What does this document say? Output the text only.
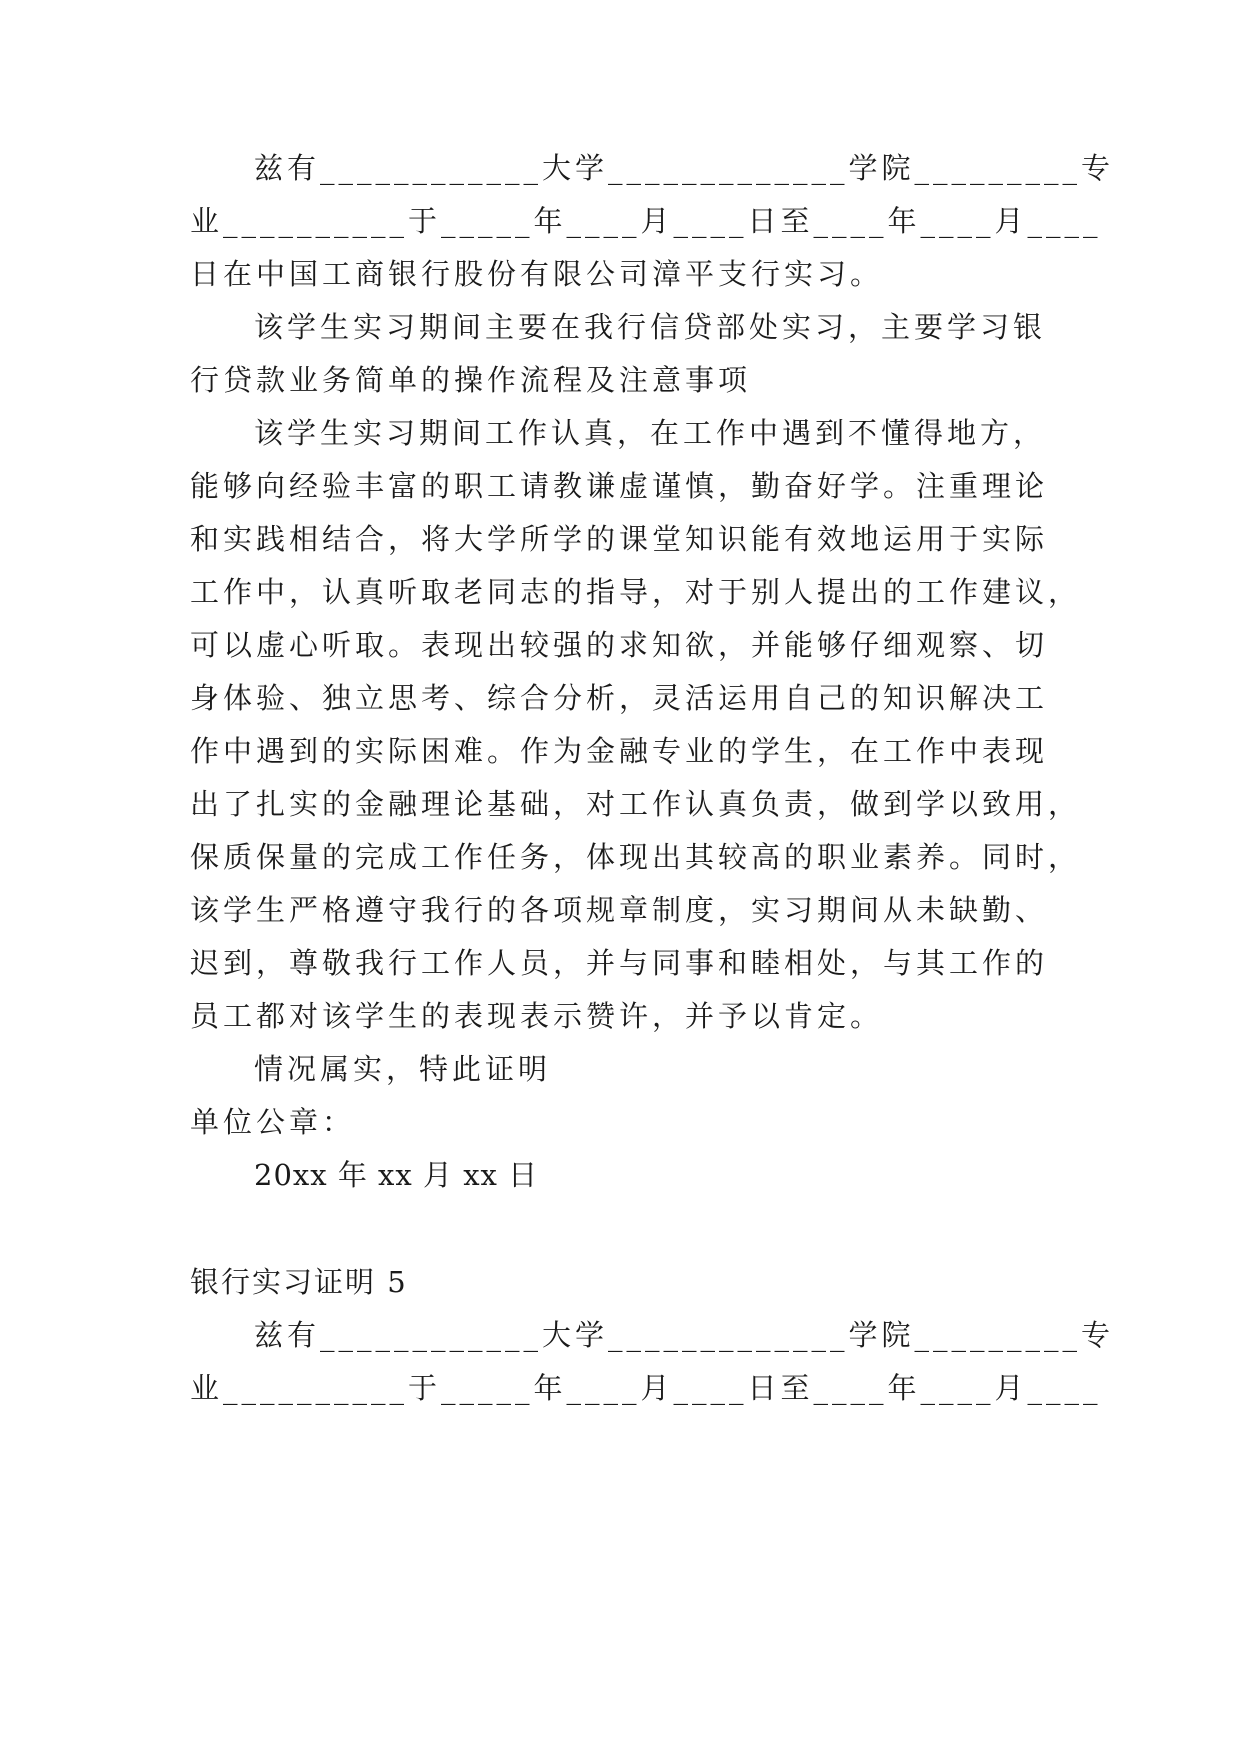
兹有____________大学_____________学院_________专
业__________于_____年____月____日至____年____月____
日在中国工商银行股份有限公司漳平支行实习。
该学生实习期间主要在我行信贷部处实习，主要学习银
行贷款业务简单的操作流程及注意事项
该学生实习期间工作认真，在工作中遇到不懂得地方，
能够向经验丰富的职工请教谦虚谨慎，勤奋好学。注重理论
和实践相结合，将大学所学的课堂知识能有效地运用于实际
工作中，认真听取老同志的指导，对于别人提出的工作建议，
可以虚心听取。表现出较强的求知欲，并能够仔细观察、切
身体验、独立思考、综合分析，灵活运用自己的知识解决工
作中遇到的实际困难。作为金融专业的学生，在工作中表现
出了扎实的金融理论基础，对工作认真负责，做到学以致用，
保质保量的完成工作任务，体现出其较高的职业素养。同时，
该学生严格遵守我行的各项规章制度，实习期间从未缺勤、
迟到，尊敬我行工作人员，并与同事和睦相处，与其工作的
员工都对该学生的表现表示赞许，并予以肯定。
情况属实，特此证明
单位公章：
20xx 年 xx 月 xx 日
银行实习证明 5
兹有____________大学_____________学院_________专
业__________于_____年____月____日至____年____月____
